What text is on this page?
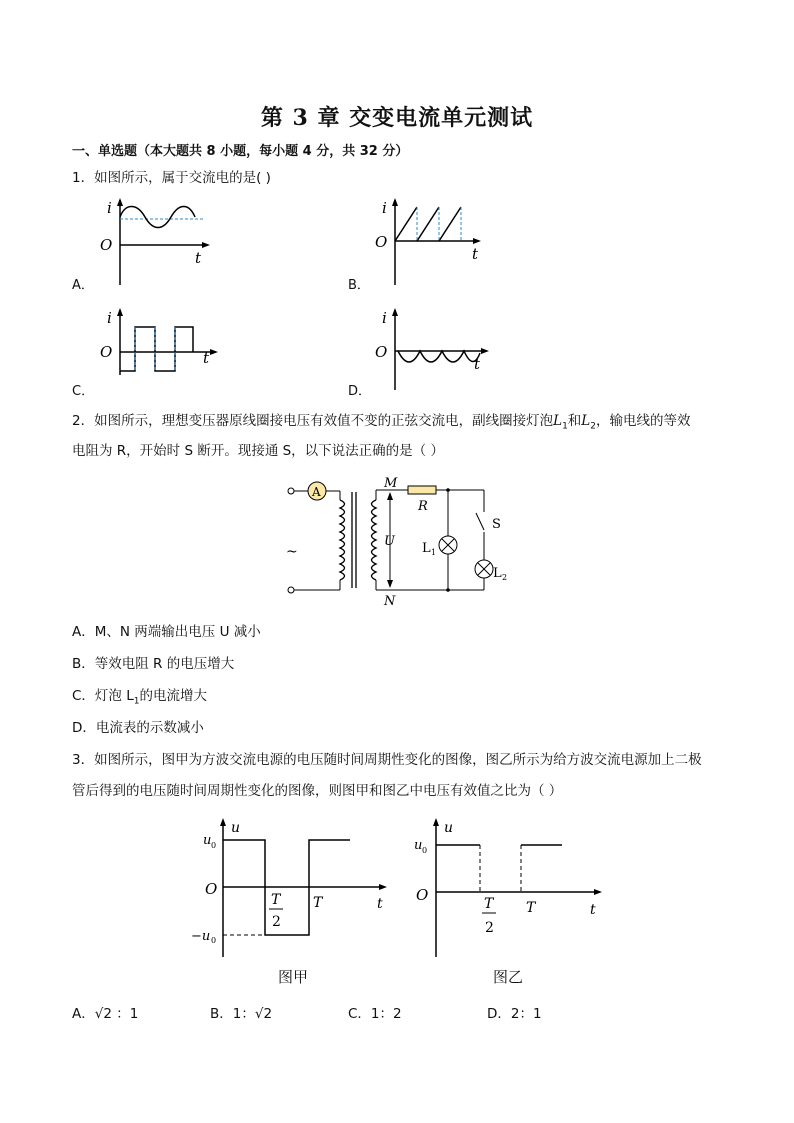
第 3 章 交变电流单元测试
一、单选题（本大题共 8 小题，每小题 4 分，共 32 分）
1．如图所示，属于交流电的是( )
i
O
t
A．
i
O
t
B．
i
O	t
C．
i
O
t
D．
2．如图所示，理想变压器原线圈接电压有效值不变的正弦交流电，副线圈接灯泡$L_1$和$L_2$，输电线的等效
电阻为 R，开始时 S 断开。现接通 S，以下说法正确的是（ ）
A
~
M
R
S
U L 1
L 2
N
A．M、N 两端输出电压 U 减小
B．等效电阻 R 的电压增大
C．灯泡 $L_1$的电流增大
D．电流表的示数减小
3．如图所示，图甲为方波交流电源的电压随时间周期性变化的图像，图乙所示为给方波交流电源加上二极
管后得到的电压随时间周期性变化的图像，则图甲和图乙中电压有效值之比为（ ）
u
u 0
O
−u 0
T
2
T	t
图甲
u
u 0
O	T
2
T	t
图乙
A．√2 ：1	B．1：√2	C．1：2	D．2：1
